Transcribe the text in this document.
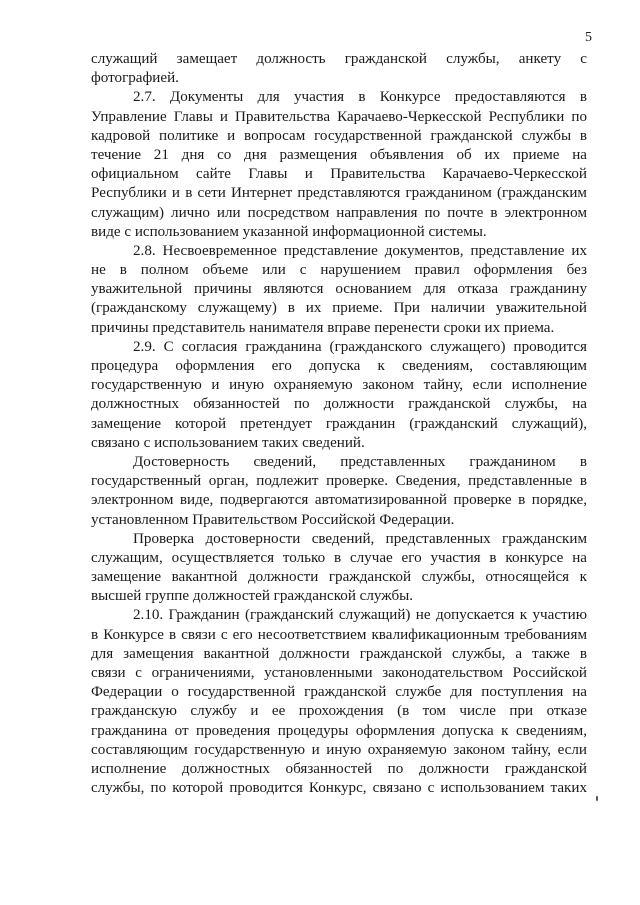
5
служащий замещает должность гражданской службы, анкету с
фотографией.
2.7. Документы для участия в Конкурсе предоставляются в
Управление Главы и Правительства Карачаево-Черкесской Республики по
кадровой политике и вопросам государственной гражданской службы в
течение 21 дня со дня размещения объявления об их приеме на
официальном сайте Главы и Правительства Карачаево-Черкесской
Республики и в сети Интернет представляются гражданином (гражданским
служащим) лично или посредством направления по почте в электронном
виде с использованием указанной информационной системы.
2.8. Несвоевременное представление документов, представление их
не в полном объеме или с нарушением правил оформления без
уважительной причины являются основанием для отказа гражданину
(гражданскому служащему) в их приеме. При наличии уважительной
причины представитель нанимателя вправе перенести сроки их приема.
2.9. С согласия гражданина (гражданского служащего) проводится
процедура оформления его допуска к сведениям, составляющим
государственную и иную охраняемую законом тайну, если исполнение
должностных обязанностей по должности гражданской службы, на
замещение которой претендует гражданин (гражданский служащий),
связано с использованием таких сведений.
Достоверность сведений, представленных гражданином в
государственный орган, подлежит проверке. Сведения, представленные в
электронном виде, подвергаются автоматизированной проверке в порядке,
установленном Правительством Российской Федерации.
Проверка достоверности сведений, представленных гражданским
служащим, осуществляется только в случае его участия в конкурсе на
замещение вакантной должности гражданской службы, относящейся к
высшей группе должностей гражданской службы.
2.10. Гражданин (гражданский служащий) не допускается к участию
в Конкурсе в связи с его несоответствием квалификационным требованиям
для замещения вакантной должности гражданской службы, а также в
связи с ограничениями, установленными законодательством Российской
Федерации о государственной гражданской службе для поступления на
гражданскую службу и ее прохождения (в том числе при отказе
гражданина от проведения процедуры оформления допуска к сведениям,
составляющим государственную и иную охраняемую законом тайну, если
исполнение должностных обязанностей по должности гражданской
службы, по которой проводится Конкурс, связано с использованием таких
